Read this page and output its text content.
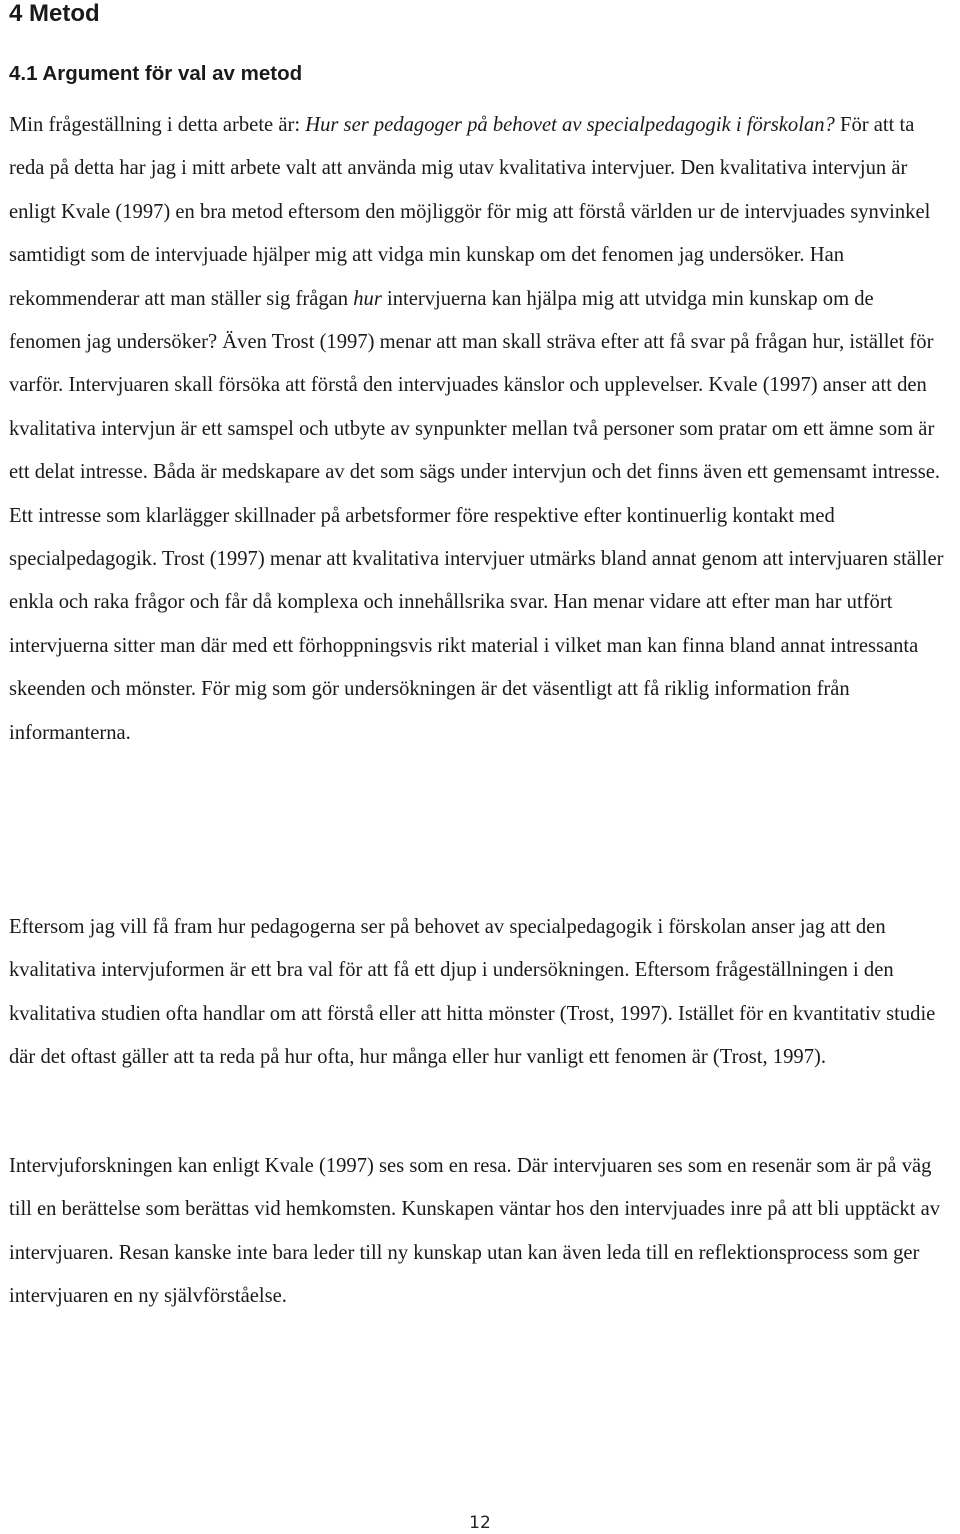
4 Metod
4.1 Argument för val av metod

Min frågeställning i detta arbete är: Hur ser pedagoger på behovet av specialpedagogik i förskolan? För att ta reda på detta har jag i mitt arbete valt att använda mig utav kvalitativa intervjuer. Den kvalitativa intervjun är enligt Kvale (1997) en bra metod eftersom den möjliggör för mig att förstå världen ur de intervjuades synvinkel samtidigt som de intervjuade hjälper mig att vidga min kunskap om det fenomen jag undersöker. Han rekommenderar att man ställer sig frågan hur intervjuerna kan hjälpa mig att utvidga min kunskap om de fenomen jag undersöker? Även Trost (1997) menar att man skall sträva efter att få svar på frågan hur, istället för varför. Intervjuaren skall försöka att förstå den intervjuades känslor och upplevelser. Kvale (1997) anser att den kvalitativa intervjun är ett samspel och utbyte av synpunkter mellan två personer som pratar om ett ämne som är ett delat intresse. Båda är medskapare av det som sägs under intervjun och det finns även ett gemensamt intresse. Ett intresse som klarlägger skillnader på arbetsformer före respektive efter kontinuerlig kontakt med specialpedagogik. Trost (1997) menar att kvalitativa intervjuer utmärks bland annat genom att intervjuaren ställer enkla och raka frågor och får då komplexa och innehållsrika svar. Han menar vidare att efter man har utfört intervjuerna sitter man där med ett förhoppningsvis rikt material i vilket man kan finna bland annat intressanta skeenden och mönster. För mig som gör undersökningen är det väsentligt att få riklig information från informanterna.

Eftersom jag vill få fram hur pedagogerna ser på behovet av specialpedagogik i förskolan anser jag att den kvalitativa intervjuformen är ett bra val för att få ett djup i undersökningen. Eftersom frågeställningen i den kvalitativa studien ofta handlar om att förstå eller att hitta mönster (Trost, 1997). Istället för en kvantitativ studie där det oftast gäller att ta reda på hur ofta, hur många eller hur vanligt ett fenomen är (Trost, 1997).

Intervjuforskningen kan enligt Kvale (1997) ses som en resa. Där intervjuaren ses som en resenär som är på väg till en berättelse som berättas vid hemkomsten. Kunskapen väntar hos den intervjuades inre på att bli upptäckt av intervjuaren. Resan kanske inte bara leder till ny kunskap utan kan även leda till en reflektionsprocess som ger intervjuaren en ny självförståelse.

12
